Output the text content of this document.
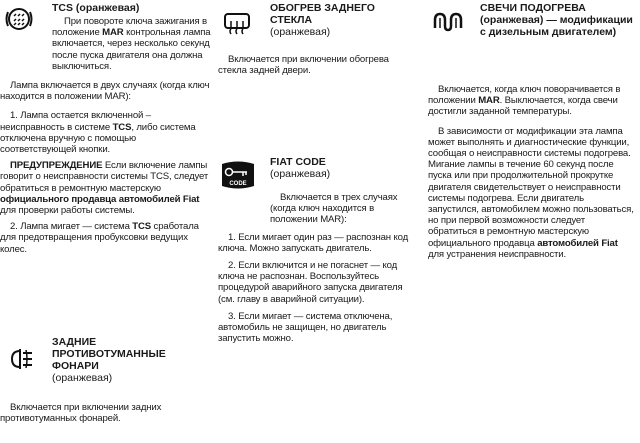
TCS (оранжевая)

При повороте ключа зажигания в положение MAR контрольная лампа включается, через несколько секунд после пуска двигателя она должна выключиться.

Лампа включается в двух случаях (когда ключ находится в положении MAR):

1. Лампа остается включенной – неисправность в системе TCS, либо система отключена вручную с помощью соответствующей кнопки.

ПРЕДУПРЕЖДЕНИЕ Если включение лампы говорит о неисправности системы TCS, следует обратиться в ремонтную мастерскую официального продавца автомобилей Fiat для проверки работы системы.

2. Лампа мигает — система TCS сработала для предотвращения пробуксовки ведущих колес.

ЗАДНИЕ ПРОТИВОТУМАННЫЕ ФОНАРИ
(оранжевая)

Включается при включении задних противотуманных фонарей.

ОБОГРЕВ ЗАДНЕГО СТЕКЛА
(оранжевая)

Включается при включении обогрева стекла задней двери.

CODE
FIAT CODE
(оранжевая)

Включается в трех случаях (когда ключ находится в положении MAR):

1. Если мигает один раз — распознан код ключа. Можно запускать двигатель.

2. Если включится и не погаснет — код ключа не распознан. Воспользуйтесь процедурой аварийного запуска двигателя (см. главу в аварийной ситуации).

3. Если мигает — система отключена, автомобиль не защищен, но двигатель запустить можно.

СВЕЧИ ПОДОГРЕВА
(оранжевая) — модификации с дизельным двигателем)

Включается, когда ключ поворачивается в положении MAR. Выключается, когда свечи достигли заданной температуры.

В зависимости от модификации эта лампа может выполнять и диагностические функции, сообщая о неисправности системы подогрева. Мигание лампы в течение 60 секунд после пуска или при продолжительной прокрутке двигателя свидетельствует о неисправности системы подогрева. Если двигатель запустился, автомобилем можно пользоваться, но при первой возможности следует обратиться в ремонтную мастерскую официального продавца автомобилей Fiat для устранения неисправности.
